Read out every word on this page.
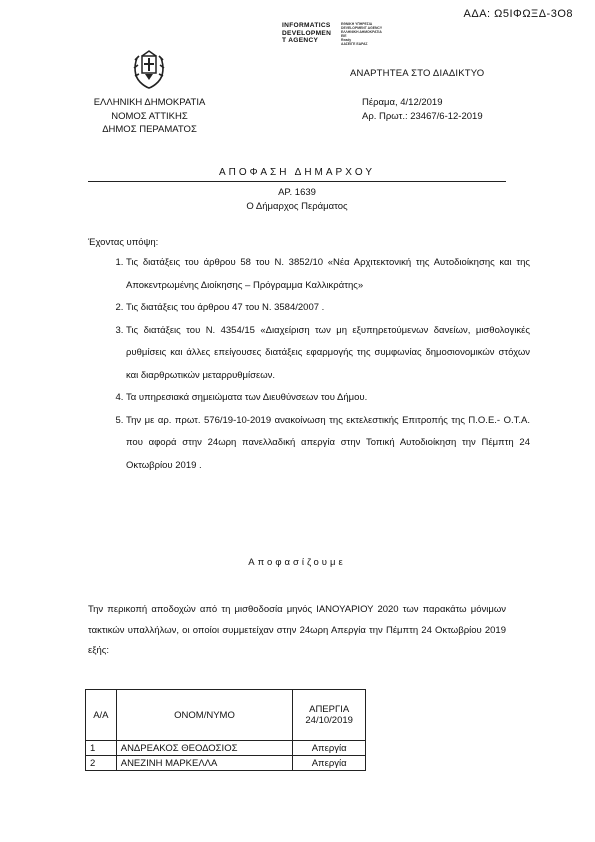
ΑΔΑ: Ω5ΙΦΩΞΔ-3Ο8
INFORMATICS
DEVELOPMEN
T AGENCY
ΕΘΝΙΚΗ ΥΠΗΡΕΣΙΑ
DEVELOPMENT AGENCY
ΕΛΛΗΝΙΚΗ ΔΗΜΟΚΡΑΤΙΑ
ΕΙΕ
Ready
ΑΑΣΕΙΓΕ ΕΔΡΑΣ
ΑΝΑΡΤΗΤΕΑ ΣΤΟ ΔΙΑΔΙΚΤΥΟ
ΕΛΛΗΝΙΚΗ ΔΗΜΟΚΡΑΤΙΑ
ΝΟΜΟΣ ΑΤΤΙΚΗΣ
ΔΗΜΟΣ ΠΕΡΑΜΑΤΟΣ
Πέραμα, 4/12/2019
Αρ. Πρωτ.: 23467/6-12-2019
ΑΠΟΦΑΣΗ ΔΗΜΑΡΧΟΥ
ΑΡ. 1639
Ο Δήμαρχος Περάματος
Έχοντας υπόψη:
1. Τις διατάξεις του άρθρου 58 του Ν. 3852/10 «Νέα Αρχιτεκτονική της Αυτοδιοίκησης και της Αποκεντρωμένης Διοίκησης – Πρόγραμμα Καλλικράτης»
2. Τις διατάξεις του άρθρου 47 του Ν. 3584/2007 .
3. Τις διατάξεις του Ν. 4354/15 «Διαχείριση των μη εξυπηρετούμενων δανείων, μισθολογικές ρυθμίσεις και άλλες επείγουσες διατάξεις εφαρμογής της συμφωνίας δημοσιονομικών στόχων και διαρθρωτικών μεταρρυθμίσεων.
4. Τα υπηρεσιακά σημειώματα των Διευθύνσεων του Δήμου.
5. Την με αρ. πρωτ. 576/19-10-2019 ανακοίνωση της εκτελεστικής Επιτροπής της Π.Ο.Ε.- Ο.Τ.Α. που αφορά στην 24ωρη πανελλαδική απεργία στην Τοπική Αυτοδιοίκηση την Πέμπτη 24 Οκτωβρίου 2019 .
Αποφασίζουμε
Την περικοπή αποδοχών από τη μισθοδοσία μηνός ΙΑΝΟΥΑΡΙΟΥ 2020 των παρακάτω μόνιμων τακτικών υπαλλήλων, οι οποίοι συμμετείχαν στην 24ωρη Απεργία την Πέμπτη 24 Οκτωβρίου 2019 εξής:
Α/Α	ΟΝΟΜ/ΝΥΜΟ	ΑΠΕΡΓΙΑ
24/10/2019

1	ΑΝΔΡΕΑΚΟΣ ΘΕΟΔΟΣΙΟΣ	Απεργία
2	ΑΝΕΖΙΝΗ ΜΑΡΚΕΛΛΑ	Απεργία
